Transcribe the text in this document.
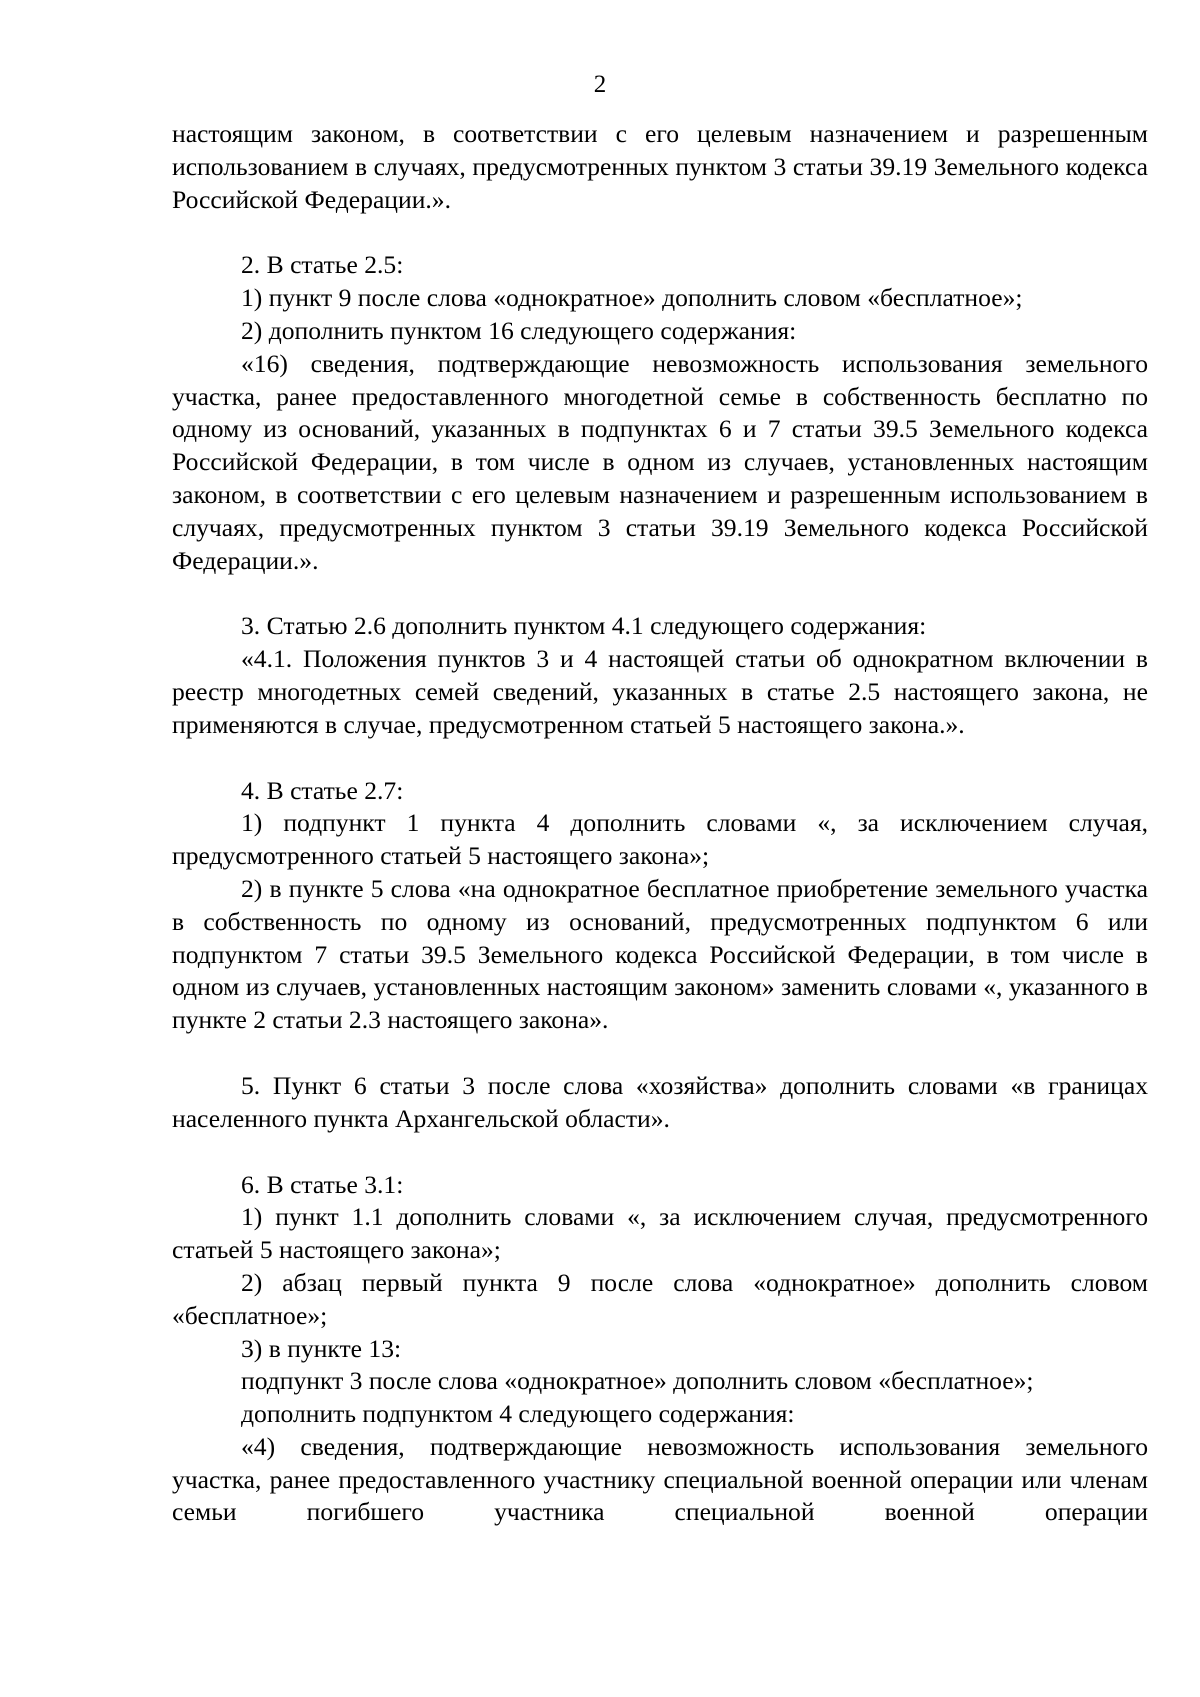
2

настоящим законом, в соответствии с его целевым назначением и разрешенным использованием в случаях, предусмотренных пунктом 3 статьи 39.19 Земельного кодекса Российской Федерации.».

2. В статье 2.5:

1) пункт 9 после слова «однократное» дополнить словом «бесплатное»;

2) дополнить пунктом 16 следующего содержания:

«16) сведения, подтверждающие невозможность использования земельного участка, ранее предоставленного многодетной семье в собственность бесплатно по одному из оснований, указанных в подпунктах 6 и 7 статьи 39.5 Земельного кодекса Российской Федерации, в том числе в одном из случаев, установленных настоящим законом, в соответствии с его целевым назначением и разрешенным использованием в случаях, предусмотренных пунктом 3 статьи 39.19 Земельного кодекса Российской Федерации.».

3. Статью 2.6 дополнить пунктом 4.1 следующего содержания:

«4.1. Положения пунктов 3 и 4 настоящей статьи об однократном включении в реестр многодетных семей сведений, указанных в статье 2.5 настоящего закона, не применяются в случае, предусмотренном статьей 5 настоящего закона.».

4. В статье 2.7:

1) подпункт 1 пункта 4 дополнить словами «, за исключением случая, предусмотренного статьей 5 настоящего закона»;

2) в пункте 5 слова «на однократное бесплатное приобретение земельного участка в собственность по одному из оснований, предусмотренных подпунктом 6 или подпунктом 7 статьи 39.5 Земельного кодекса Российской Федерации, в том числе в одном из случаев, установленных настоящим законом» заменить словами «, указанного в пункте 2 статьи 2.3 настоящего закона».

5. Пункт 6 статьи 3 после слова «хозяйства» дополнить словами «в границах населенного пункта Архангельской области».

6. В статье 3.1:

1) пункт 1.1 дополнить словами «, за исключением случая, предусмотренного статьей 5 настоящего закона»;

2) абзац первый пункта 9 после слова «однократное» дополнить словом «бесплатное»;

3) в пункте 13:

подпункт 3 после слова «однократное» дополнить словом «бесплатное»;

дополнить подпунктом 4 следующего содержания:

«4) сведения, подтверждающие невозможность использования земельного участка, ранее предоставленного участнику специальной военной операции или членам семьи погибшего участника специальной военной операции
